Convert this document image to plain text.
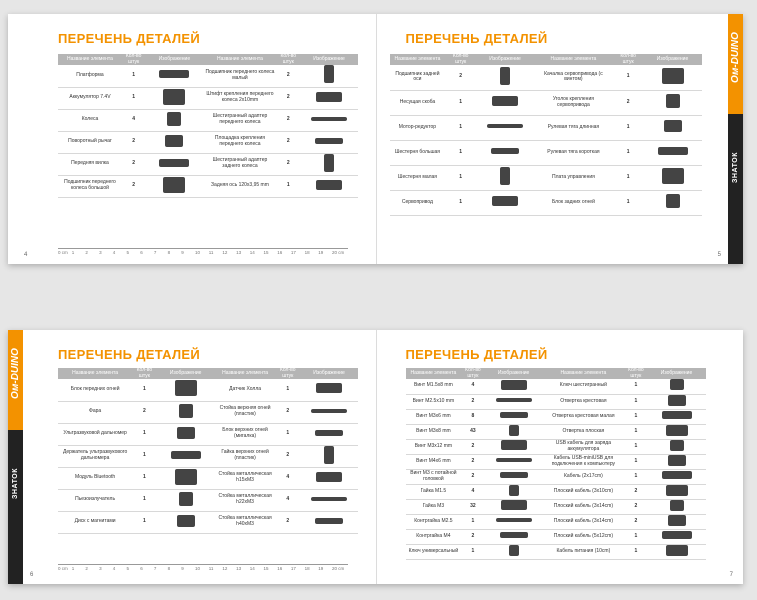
ПЕРЕЧЕНЬ ДЕТАЛЕЙ
Название элемента	Кол-во штук	Изображение	Название элемента	Кол-во штук	Изображение
Платформа	1		Подшипник переднего колеса малый	2	
Аккумулятор 7.4V	1		Штифт крепления переднего колеса 2х10mm	2	
Колеса	4		Шестигранный адаптер переднего колеса	2	
Поворотный рычаг	2		Площадка крепления переднего колеса	2	
Передняя вилка	2		Шестигранный адаптер заднего колеса	2	
Подшипник переднего колеса большой	2		Задняя ось 120х3,95 mm	1	
0 cm 1 2 3 4 5 6 7 8 9 10 11 12 13 14 15 16 17 18 19 20 cm
4
ПЕРЕЧЕНЬ ДЕТАЛЕЙ
Название элемента	Кол-во штук	Изображение	Название элемента	Кол-во штук	Изображение
Подшипник задней оси	2		Качалка сервопривода (с винтом)	1	
Несущая скоба	1		Уголок крепления сервопривода	2	
Мотор-редуктор	1		Рулевая тяга длинная	1	
Шестерня большая	1		Рулевая тяга короткая	1	
Шестерня малая	1		Плата управления	1	
Сервопривод	1		Блок задних огней	1	
5
Ом-DUINO
ЗНАТОК
Ом-DUINO
ЗНАТОК
ПЕРЕЧЕНЬ ДЕТАЛЕЙ
Название элемента	Кол-во штук	Изображение	Название элемента	Кол-во штук	Изображение
Блок передних огней	1		Датчик Холла	1	
Фара	2		Стойка верхняя огней (пластик)	2	
Ультразвуковой дальномер	1		Блок верхних огней (мигалка)	1	
Держатель ультразвукового дальномера	1		Гайка верхних огней (пластик)	2	
Модуль Bluetooth	1		Стойка металлическая h15xM3	4	
Пьезоизлучатель	1		Стойка металлическая h22xM3	4	
Диск с магнитами	1		Стойка металлическая h40xM3	2	
0 cm 1 2 3 4 5 6 7 8 9 10 11 12 13 14 15 16 17 18 19 20 cm
6
ПЕРЕЧЕНЬ ДЕТАЛЕЙ
Название элемента	Кол-во штук	Изображение	Название элемента	Кол-во штук	Изображение
Винт M1.5х8 mm	4		Ключ шестигранный	1	
Винт M2.5х10 mm	2		Отвертка крестовая	1	
Винт M3х6 mm	8		Отвертка крестовая малая	1	
Винт M3х8 mm	43		Отвертка плоская	1	
Винт M3х12 mm	2		USB кабель для заряда аккумулятора	1	
Винт M4х6 mm	2		Кабель USB-miniUSB для подключения к компьютеру	1	
Винт M3 с потайной головкой	2		Кабель (2х17cm)	1	
Гайка M1.5	4		Плоский кабель (3х10cm)	2	
Гайка M3	32		Плоский кабель (3х14cm)	2	
Контргайка M2.5	1		Плоский кабель (3х14cm)	2	
Контргайка M4	2		Плоский кабель (5х12cm)	1	
Ключ универсальный	1		Кабель питания (10cm)	1	
7
